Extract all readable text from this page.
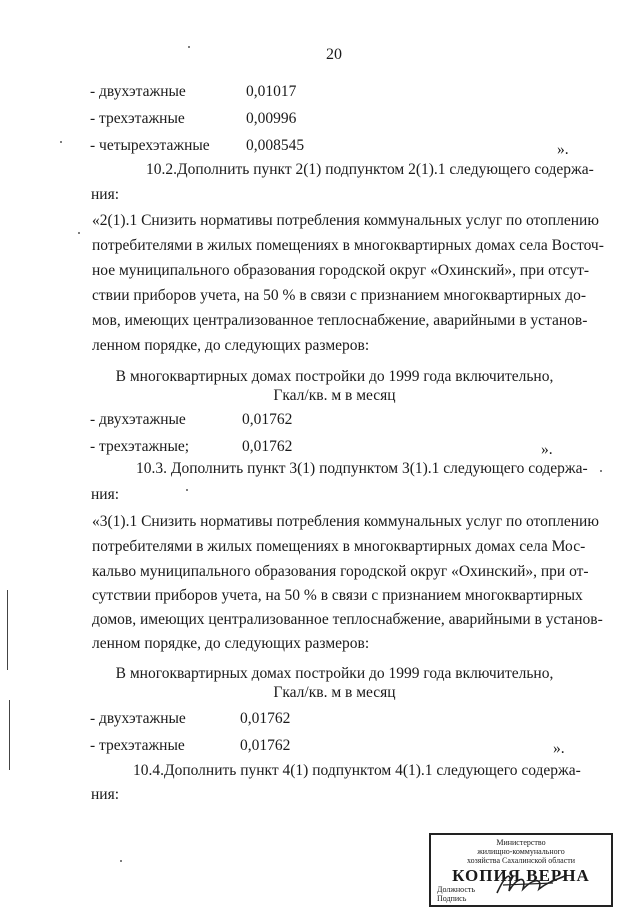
20
- двухэтажные	0,01017
- трехэтажные	0,00996
- четырехэтажные 0,008545	».
10.2.Дополнить пункт 2(1) подпунктом 2(1).1 следующего содержа-
ния:
«2(1).1 Снизить нормативы потребления коммунальных услуг по отоплению
потребителями в жилых помещениях в многоквартирных домах села Восточ-
ное муниципального образования городской округ «Охинский», при отсут-
ствии приборов учета, на 50 % в связи с признанием многоквартирных до-
мов, имеющих централизованное теплоснабжение, аварийными в установ-
ленном порядке, до следующих размеров:
В многоквартирных домах постройки до 1999 года включительно,
Гкал/кв. м в месяц
- двухэтажные	0,01762
- трехэтажные;	0,01762	».
10.3. Дополнить пункт 3(1) подпунктом 3(1).1 следующего содержа-
ния:
«3(1).1 Снизить нормативы потребления коммунальных услуг по отоплению
потребителями в жилых помещениях в многоквартирных домах села Мос-
кальво муниципального образования городской округ «Охинский», при от-
сутствии приборов учета, на 50 % в связи с признанием многоквартирных
домов, имеющих централизованное теплоснабжение, аварийными в установ-
ленном порядке, до следующих размеров:
В многоквартирных домах постройки до 1999 года включительно,
Гкал/кв. м в месяц
- двухэтажные	0,01762
- трехэтажные	0,01762	».
10.4.Дополнить пункт 4(1) подпунктом 4(1).1 следующего содержа-
ния:
Министерство
жилищно-коммунального
хозяйства Сахалинской области
КОПИЯ ВЕРНА
Должность
Подпись
